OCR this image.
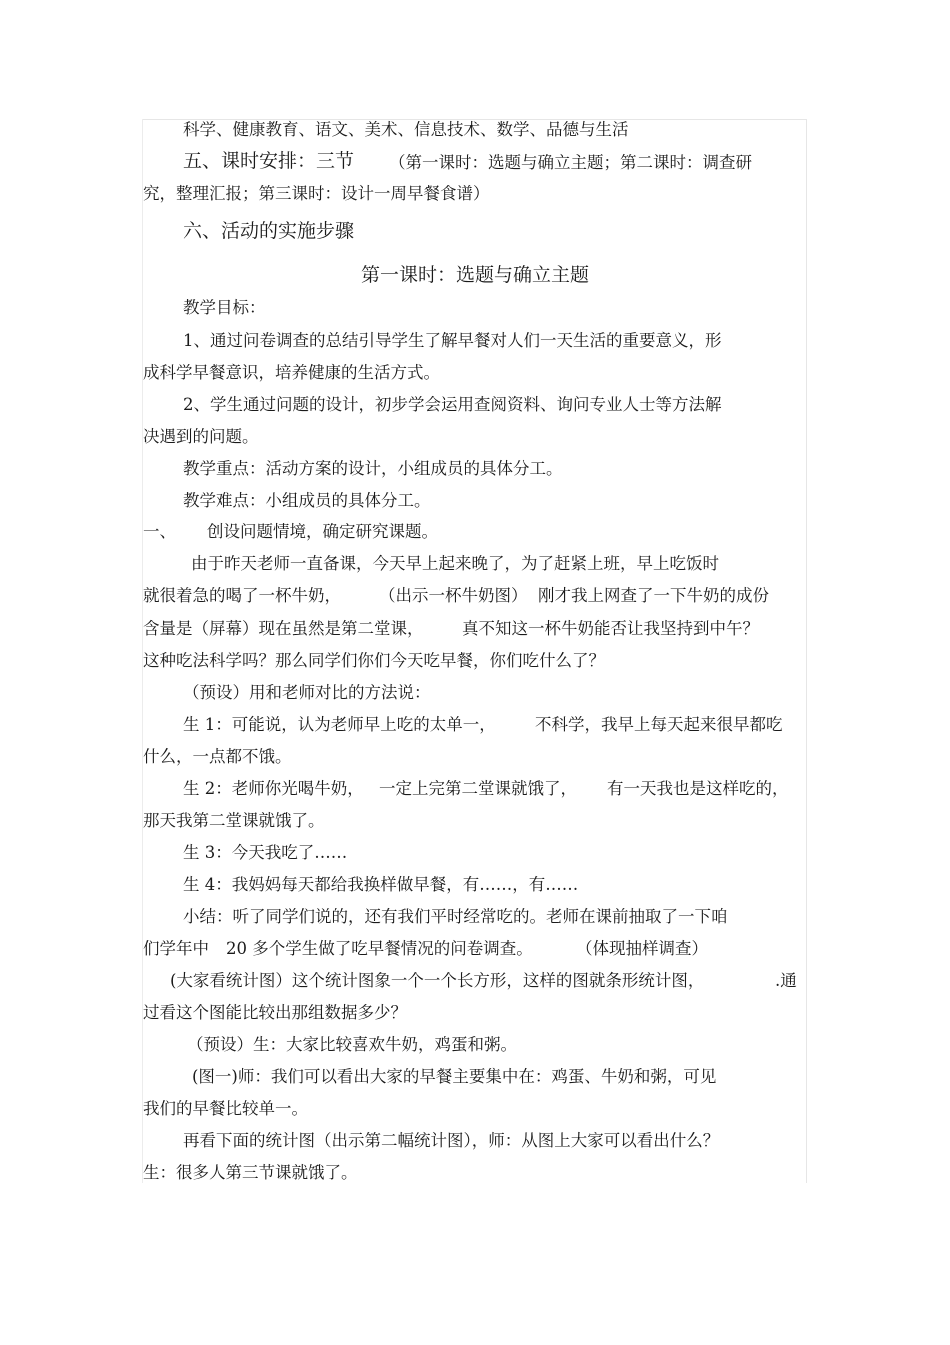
科学、健康教育、语文、美术、信息技术、数学、品德与生活
五、课时安排：三节 （第一课时：选题与确立主题；第二课时：调查研
究，整理汇报；第三课时：设计一周早餐食谱）
六、活动的实施步骤
第一课时：选题与确立主题
教学目标：
1、通过问卷调查的总结引导学生了解早餐对人们一天生活的重要意义，形
成科学早餐意识，培养健康的生活方式。
2、学生通过问题的设计，初步学会运用查阅资料、询问专业人士等方法解
决遇到的问题。
教学重点：活动方案的设计，小组成员的具体分工。
教学难点：小组成员的具体分工。
一、 创设问题情境，确定研究课题。
由于昨天老师一直备课，今天早上起来晚了，为了赶紧上班，早上吃饭时
就很着急的喝了一杯牛奶， （出示一杯牛奶图） 刚才我上网查了一下牛奶的成份
含量是（屏幕）现在虽然是第二堂课， 真不知这一杯牛奶能否让我坚持到中午？
这种吃法科学吗？那么同学们你们今天吃早餐，你们吃什么了？
（预设）用和老师对比的方法说：
生 1：可能说，认为老师早上吃的太单一， 不科学，我早上每天起来很早都吃
什么，一点都不饿。
生 2：老师你光喝牛奶， 一定上完第二堂课就饿了， 有一天我也是这样吃的，
那天我第二堂课就饿了。
生 3：今天我吃了……
生 4：我妈妈每天都给我换样做早餐，有……，有……
小结：听了同学们说的，还有我们平时经常吃的。老师在课前抽取了一下咱
们学年中 20 多个学生做了吃早餐情况的问卷调查。	（体现抽样调查）
(大家看统计图）这个统计图象一个一个长方形，这样的图就条形统计图，	.通
过看这个图能比较出那组数据多少？
（预设）生：大家比较喜欢牛奶，鸡蛋和粥。
(图一)师：我们可以看出大家的早餐主要集中在：鸡蛋、牛奶和粥，可见
我们的早餐比较单一。
再看下面的统计图（出示第二幅统计图），师：从图上大家可以看出什么？
生：很多人第三节课就饿了。
